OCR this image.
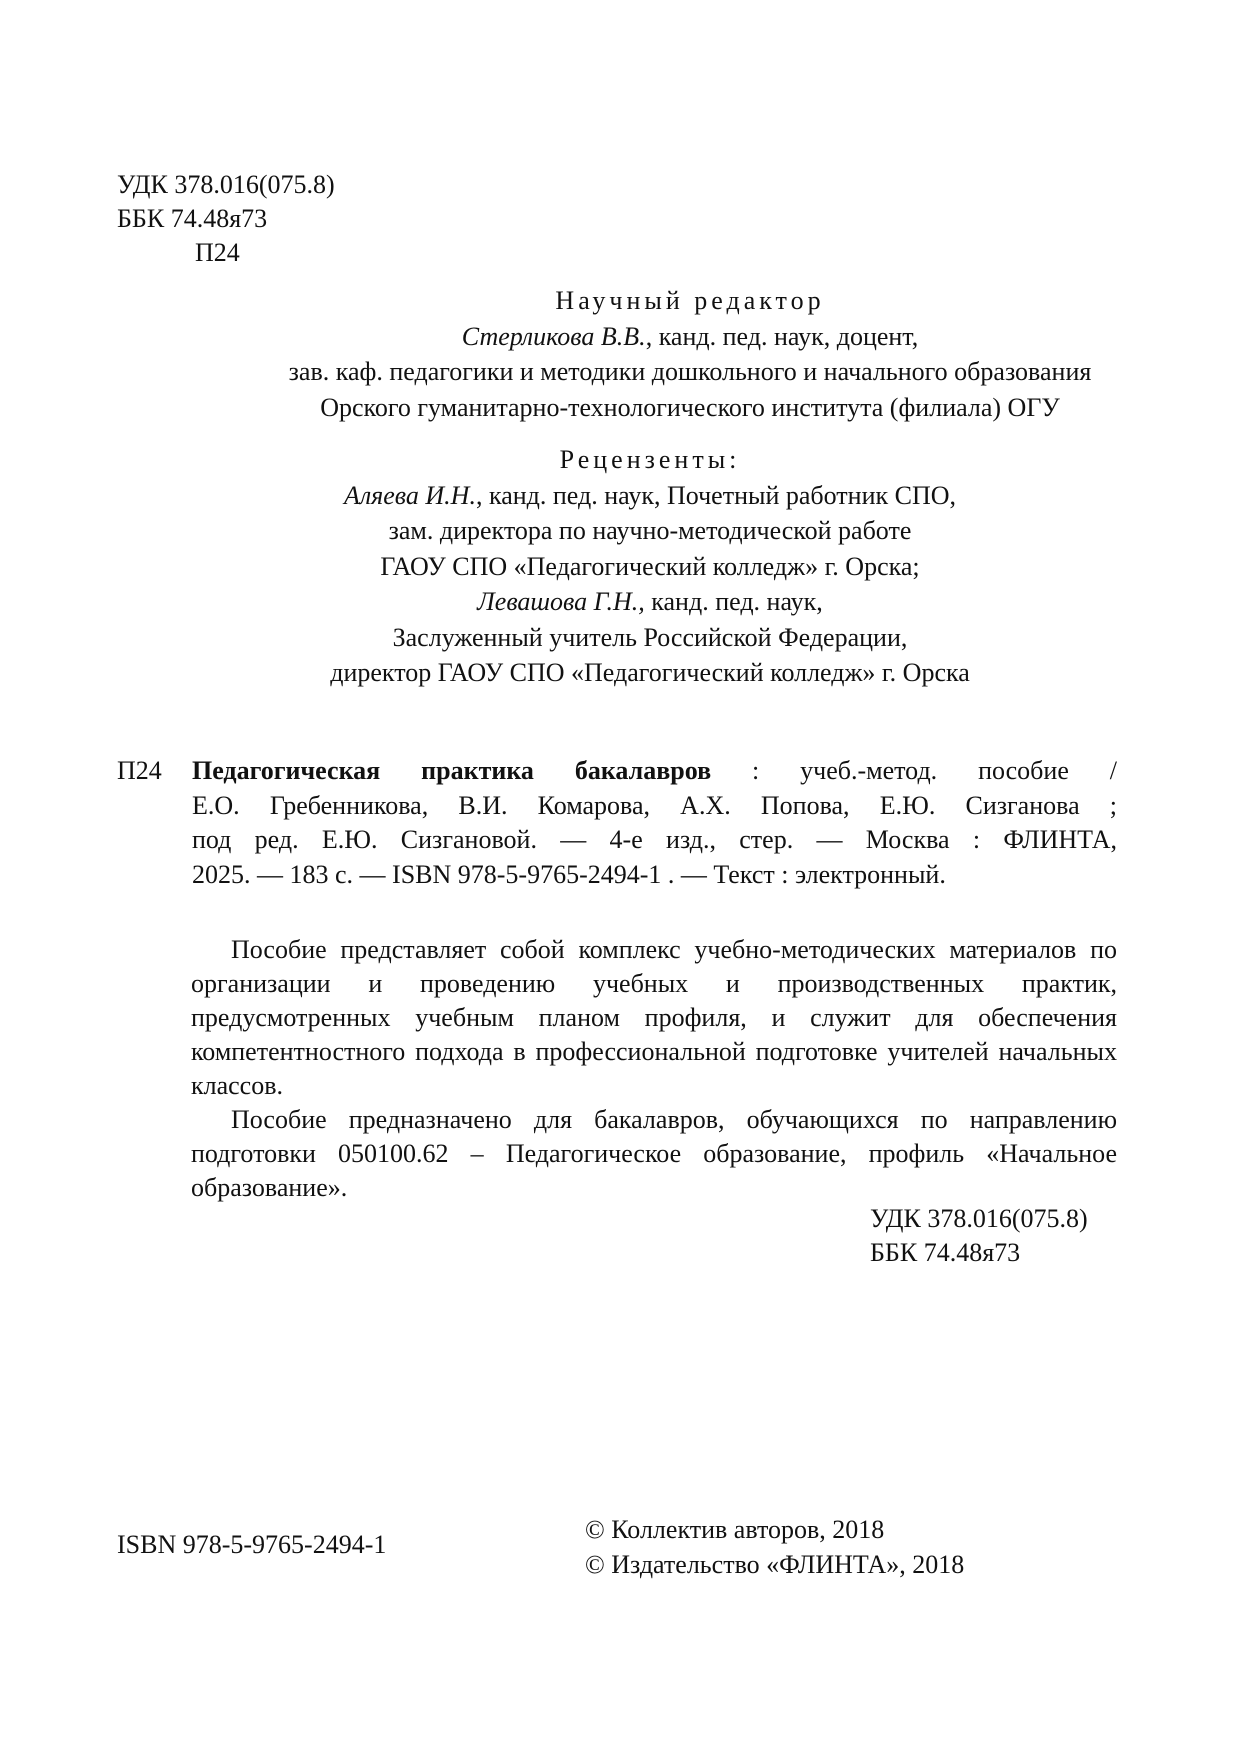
УДК 378.016(075.8)
ББК 74.48я73
П24
Научный редактор
Стерликова В.В., канд. пед. наук, доцент,
зав. каф. педагогики и методики дошкольного и начального образования
Орского гуманитарно-технологического института (филиала) ОГУ
Рецензенты:
Аляева И.Н., канд. пед. наук, Почетный работник СПО,
зам. директора по научно-методической работе
ГАОУ СПО «Педагогический колледж» г. Орска;
Левашова Г.Н., канд. пед. наук,
Заслуженный учитель Российской Федерации,
директор ГАОУ СПО «Педагогический колледж» г. Орска
П24 Педагогическая практика бакалавров : учеб.-метод. пособие /
Е.О. Гребенникова, В.И. Комарова, А.Х. Попова, Е.Ю. Сизганова ;
под ред. Е.Ю. Сизгановой. — 4-е изд., стер. — Москва : ФЛИНТА,
2025. — 183 с. — ISBN 978-5-9765-2494-1 . — Текст : электронный.

Пособие представляет собой комплекс учебно-методических материалов по организации и проведению учебных и производственных практик, предусмотренных учебным планом профиля, и служит для обеспечения компетентностного подхода в профессиональной подготовке учителей начальных классов.

Пособие предназначено для бакалавров, обучающихся по направлению подготовки 050100.62 – Педагогическое образование, профиль «Начальное образование».

УДК 378.016(075.8)
ББК 74.48я73
ISBN 978-5-9765-2494-1
© Коллектив авторов, 2018
© Издательство «ФЛИНТА», 2018
